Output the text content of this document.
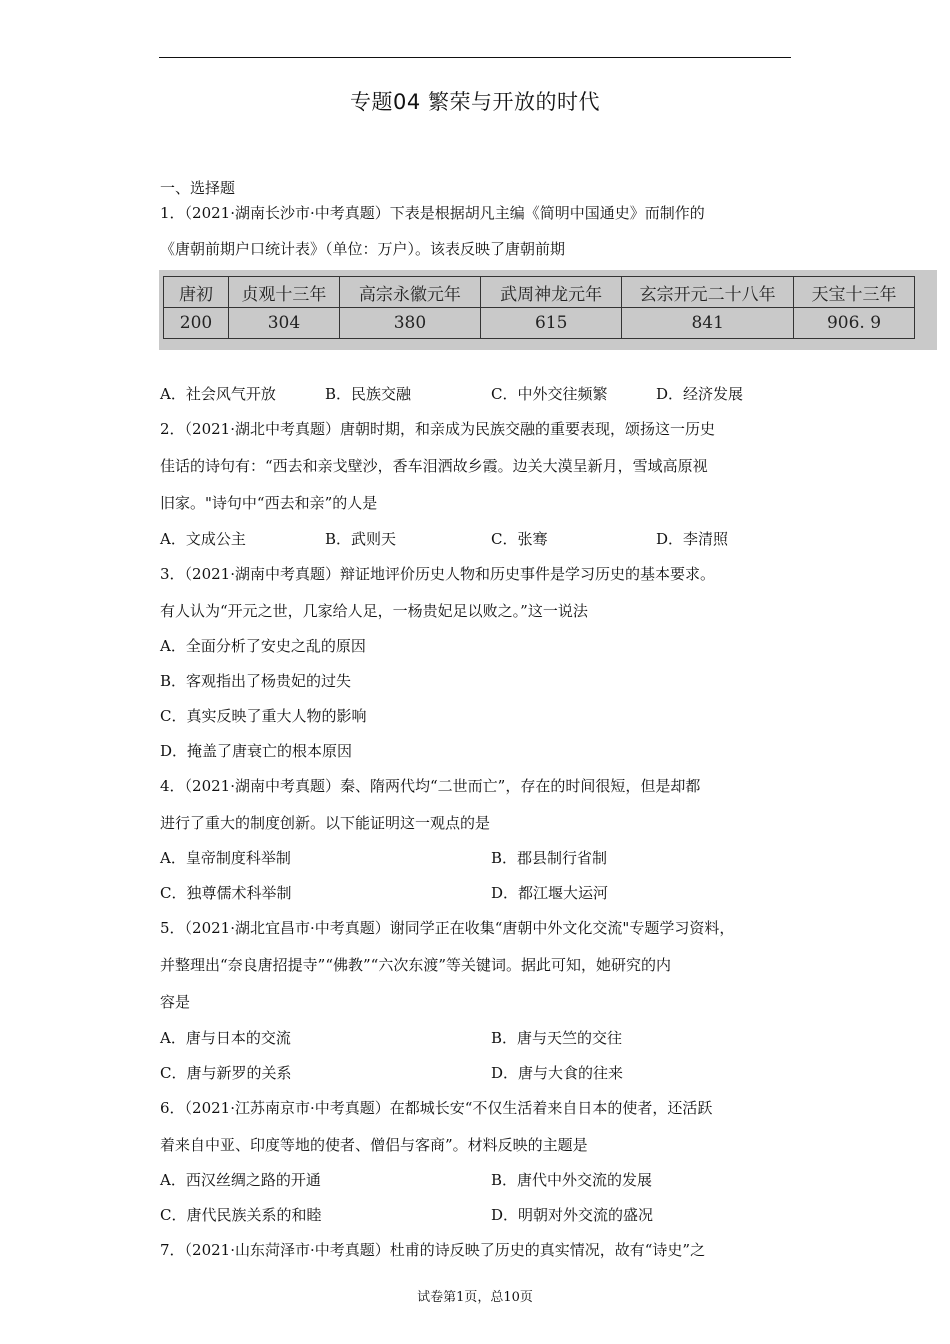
专题04 繁荣与开放的时代
一、选择题
1．（2021·湖南长沙市·中考真题）下表是根据胡凡主编《简明中国通史》而制作的
《唐朝前期户口统计表》（单位：万户）。该表反映了唐朝前期
唐初	贞观十三年	高宗永徽元年	武周神龙元年	玄宗开元二十八年	天宝十三年
200	304	380	615	841	906. 9
A．社会风气开放	B．民族交融	C．中外交往频繁	D．经济发展
2．（2021·湖北中考真题）唐朝时期，和亲成为民族交融的重要表现，颂扬这一历史
佳话的诗句有：“西去和亲戈壁沙，香车泪洒故乡霞。边关大漠呈新月，雪域高原视
旧家。"诗句中“西去和亲”的人是
A．文成公主	B．武则天	C．张骞	D．李清照
3．（2021·湖南中考真题）辩证地评价历史人物和历史事件是学习历史的基本要求。
有人认为“开元之世，几家给人足，一杨贵妃足以败之。”这一说法
A．全面分析了安史之乱的原因
B．客观指出了杨贵妃的过失
C．真实反映了重大人物的影响
D．掩盖了唐衰亡的根本原因
4．（2021·湖南中考真题）秦、隋两代均“二世而亡”，存在的时间很短，但是却都
进行了重大的制度创新。以下能证明这一观点的是
A．皇帝制度科举制	B．郡县制行省制
C．独尊儒术科举制	D．都江堰大运河
5．（2021·湖北宜昌市·中考真题）谢同学正在收集“唐朝中外文化交流"专题学习资料，
并整理出“奈良唐招提寺”“佛教”“六次东渡”等关键词。据此可知，她研究的内
容是
A．唐与日本的交流	B．唐与天竺的交往
C．唐与新罗的关系	D．唐与大食的往来
6．（2021·江苏南京市·中考真题）在都城长安“不仅生活着来自日本的使者，还活跃
着来自中亚、印度等地的使者、僧侣与客商”。材料反映的主题是
A．西汉丝绸之路的开通	B．唐代中外交流的发展
C．唐代民族关系的和睦	D．明朝对外交流的盛况
7．（2021·山东菏泽市·中考真题）杜甫的诗反映了历史的真实情况，故有“诗史”之
试卷第1页，总10页
